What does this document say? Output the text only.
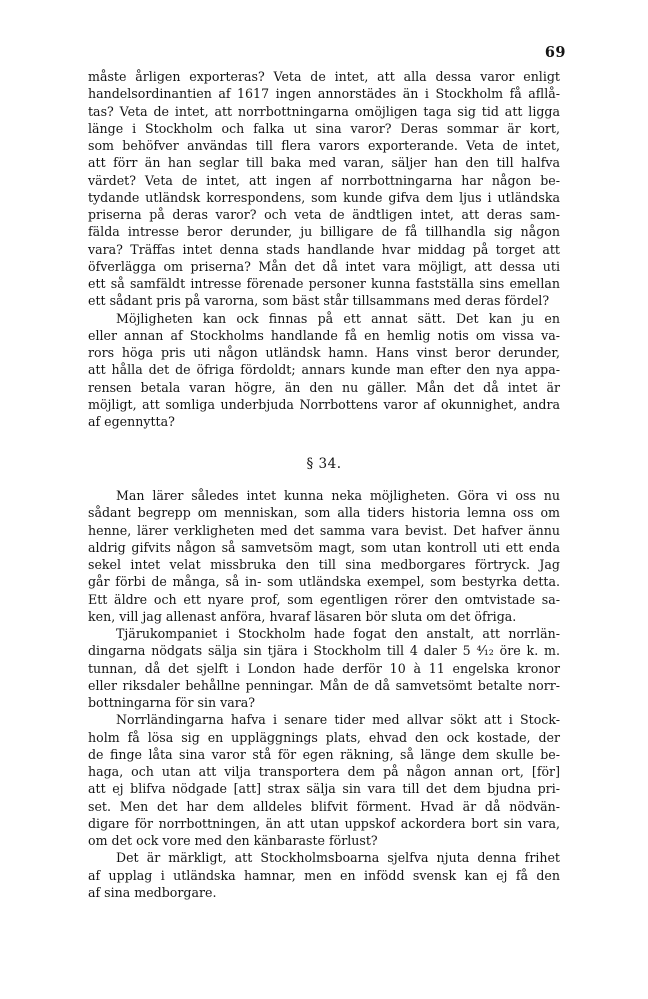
69
måste årligen exporteras? Veta de intet, att alla dessa varor enligt
handelsordinantien af 1617 ingen annorstädes än i Stockholm få afllå-
tas? Veta de intet, att norrbottningarna omöjligen taga sig tid att ligga
länge i Stockholm och falka ut sina varor? Deras sommar är kort,
som behöfver användas till flera varors exporterande. Veta de intet,
att förr än han seglar till baka med varan, säljer han den till halfva
värdet? Veta de intet, att ingen af norrbottningarna har någon be-
tydande utländsk korrespondens, som kunde gifva dem ljus i utländska
priserna på deras varor? och veta de ändtligen intet, att deras sam-
fälda intresse beror derunder, ju billigare de få tillhandla sig någon
vara? Träffas intet denna stads handlande hvar middag på torget att
öfverlägga om priserna? Mån det då intet vara möjligt, att dessa uti
ett så samfäldt intresse förenade personer kunna fastställa sins emellan
ett sådant pris på varorna, som bäst står tillsammans med deras fördel?
Möjligheten kan ock finnas på ett annat sätt. Det kan ju en
eller annan af Stockholms handlande få en hemlig notis om vissa va-
rors höga pris uti någon utländsk hamn. Hans vinst beror derunder,
att hålla det de öfriga fördoldt; annars kunde man efter den nya appa-
rensen betala varan högre, än den nu gäller. Mån det då intet är
möjligt, att somliga underbjuda Norrbottens varor af okunnighet, andra
af egennytta?
§ 34.
Man lärer således intet kunna neka möjligheten. Göra vi oss nu
sådant begrepp om menniskan, som alla tiders historia lemna oss om
henne, lärer verkligheten med det samma vara bevist. Det hafver ännu
aldrig gifvits någon så samvetsöm magt, som utan kontroll uti ett enda
sekel intet velat missbruka den till sina medborgares förtryck. Jag
går förbi de många, så in- som utländska exempel, som bestyrka detta.
Ett äldre och ett nyare prof, som egentligen rörer den omtvistade sa-
ken, vill jag allenast anföra, hvaraf läsaren bör sluta om det öfriga.
Tjärukompaniet i Stockholm hade fogat den anstalt, att norrlän-
dingarna nödgats sälja sin tjära i Stockholm till 4 daler 5 ⁴⁄₁₂ öre k. m.
tunnan, då det sjelft i London hade derför 10 à 11 engelska kronor
eller riksdaler behållne penningar. Mån de då samvetsömt betalte norr-
bottningarna för sin vara?
Norrländingarna hafva i senare tider med allvar sökt att i Stock-
holm få lösa sig en uppläggnings plats, ehvad den ock kostade, der
de finge låta sina varor stå för egen räkning, så länge dem skulle be-
haga, och utan att vilja transportera dem på någon annan ort, [för]
att ej blifva nödgade [att] strax sälja sin vara till det dem bjudna pri-
set. Men det har dem alldeles blifvit förment. Hvad är då nödvän-
digare för norrbottningen, än att utan uppskof ackordera bort sin vara,
om det ock vore med den känbaraste förlust?
Det är märkligt, att Stockholmsboarna sjelfva njuta denna frihet
af upplag i utländska hamnar, men en infödd svensk kan ej få den
af sina medborgare.
